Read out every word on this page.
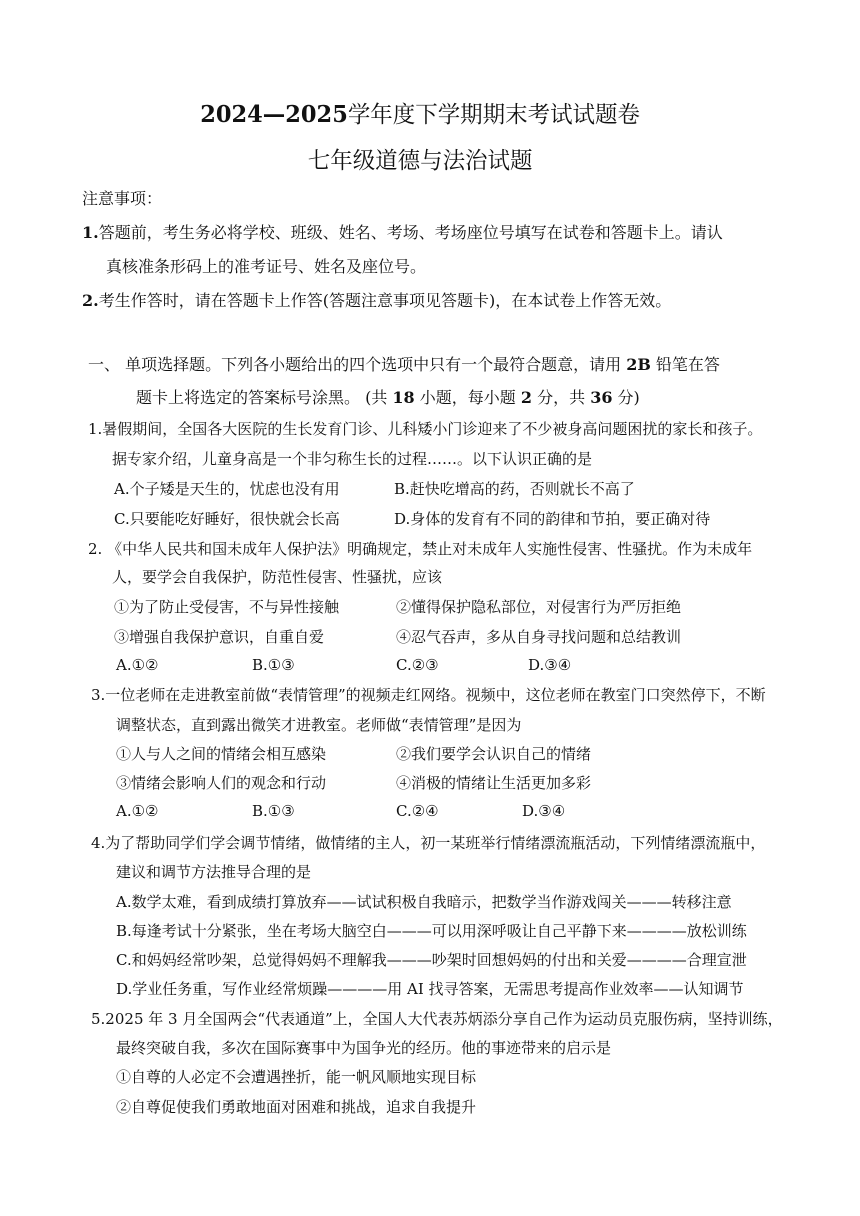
2024—2025学年度下学期期末考试试题卷
七年级道德与法治试题
注意事项：
1.答题前，考生务必将学校、班级、姓名、考场、考场座位号填写在试卷和答题卡上。请认
真核准条形码上的准考证号、姓名及座位号。
2.考生作答时，请在答题卡上作答(答题注意事项见答题卡)，在本试卷上作答无效。
一、 单项选择题。下列各小题给出的四个选项中只有一个最符合题意，请用 2B 铅笔在答
题卡上将选定的答案标号涂黑。 (共 18 小题，每小题 2 分，共 36 分)
1.暑假期间，全国各大医院的生长发育门诊、儿科矮小门诊迎来了不少被身高问题困扰的家长和孩子。
据专家介绍，儿童身高是一个非匀称生长的过程……。以下认识正确的是
A.个子矮是天生的，忧虑也没有用	B.赶快吃增高的药，否则就长不高了
C.只要能吃好睡好，很快就会长高	D.身体的发育有不同的韵律和节拍，要正确对待
2. 《中华人民共和国未成年人保护法》明确规定，禁止对未成年人实施性侵害、性骚扰。作为未成年
人，要学会自我保护，防范性侵害、性骚扰，应该
①为了防止受侵害，不与异性接触	②懂得保护隐私部位，对侵害行为严厉拒绝
③增强自我保护意识，自重自爱	④忍气吞声，多从自身寻找问题和总结教训
A.①②	B.①③	C.②③	D.③④
3.一位老师在走进教室前做“表情管理”的视频走红网络。视频中，这位老师在教室门口突然停下，不断
调整状态，直到露出微笑才进教室。老师做“表情管理”是因为
①人与人之间的情绪会相互感染	②我们要学会认识自己的情绪
③情绪会影响人们的观念和行动	④消极的情绪让生活更加多彩
A.①②	B.①③	C.②④	D.③④
4.为了帮助同学们学会调节情绪，做情绪的主人，初一某班举行情绪漂流瓶活动，下列情绪漂流瓶中，
建议和调节方法推导合理的是
A.数学太难，看到成绩打算放弃——试试积极自我暗示，把数学当作游戏闯关———转移注意
B.每逢考试十分紧张，坐在考场大脑空白———可以用深呼吸让自己平静下来————放松训练
C.和妈妈经常吵架，总觉得妈妈不理解我———吵架时回想妈妈的付出和关爱————合理宣泄
D.学业任务重，写作业经常烦躁————用 AI 找寻答案，无需思考提高作业效率——认知调节
5.2025 年 3 月全国两会“代表通道”上，全国人大代表苏炳添分享自己作为运动员克服伤病，坚持训练，
最终突破自我，多次在国际赛事中为国争光的经历。他的事迹带来的启示是
①自尊的人必定不会遭遇挫折，能一帆风顺地实现目标
②自尊促使我们勇敢地面对困难和挑战，追求自我提升
